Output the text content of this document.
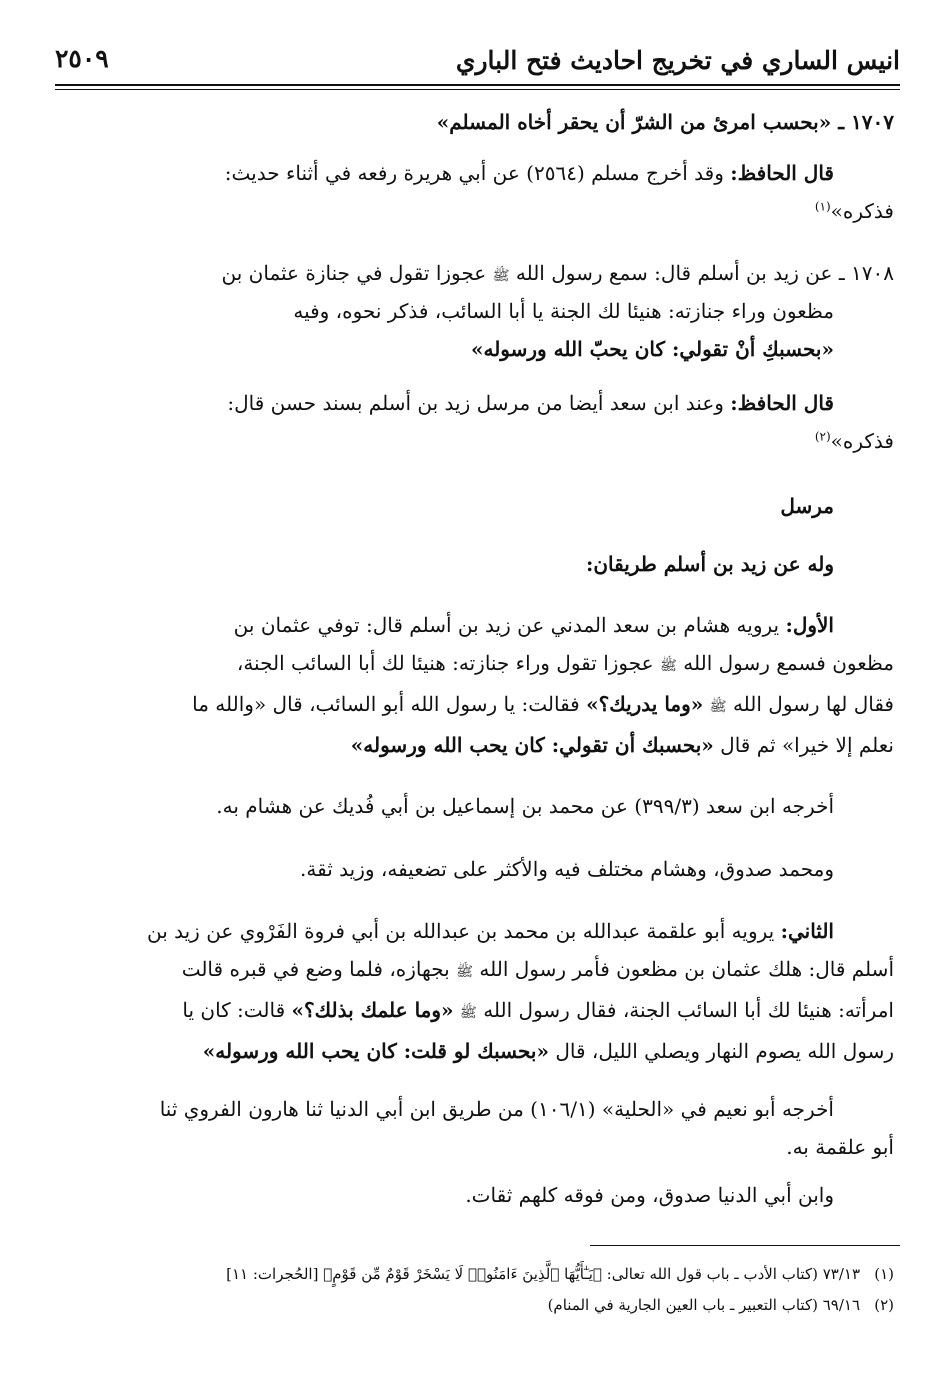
انيس الساري في تخريج احاديث فتح الباري
٢٥٠٩
١٧٠٧ ـ «بحسب امرئ من الشرّ أن يحقر أخاه المسلم»
قال الحافظ: وقد أخرج مسلم (٢٥٦٤) عن أبي هريرة رفعه في أثناء حديث:
فذكره»$^{(١)}$
١٧٠٨ ـ عن زيد بن أسلم قال: سمع رسول الله ﷺ عجوزا تقول في جنازة عثمان بن
مظعون وراء جنازته: هنيئا لك الجنة يا أبا السائب، فذكر نحوه، وفيه
«بحسبكِ أنْ تقولي: كان يحبّ الله ورسوله»
قال الحافظ: وعند ابن سعد أيضا من مرسل زيد بن أسلم بسند حسن قال:
فذكره»$^{(٢)}$
مرسل
وله عن زيد بن أسلم طريقان:
الأول: يرويه هشام بن سعد المدني عن زيد بن أسلم قال: توفي عثمان بن
مظعون فسمع رسول الله ﷺ عجوزا تقول وراء جنازته: هنيئا لك أبا السائب الجنة،
فقال لها رسول الله ﷺ «وما يدريك؟» فقالت: يا رسول الله أبو السائب، قال «والله ما
نعلم إلا خيرا» ثم قال «بحسبك أن تقولي: كان يحب الله ورسوله»
أخرجه ابن سعد (٣٩٩/٣) عن محمد بن إسماعيل بن أبي فُديك عن هشام به.
ومحمد صدوق، وهشام مختلف فيه والأكثر على تضعيفه، وزيد ثقة.
الثاني: يرويه أبو علقمة عبدالله بن محمد بن عبدالله بن أبي فروة الفَرْوي عن زيد بن
أسلم قال: هلك عثمان بن مظعون فأمر رسول الله ﷺ بجهازه، فلما وضع في قبره قالت
امرأته: هنيئا لك أبا السائب الجنة، فقال رسول الله ﷺ «وما علمك بذلك؟» قالت: كان يا
رسول الله يصوم النهار ويصلي الليل، قال «بحسبك لو قلت: كان يحب الله ورسوله»
أخرجه أبو نعيم في «الحلية» (١٠٦/١) من طريق ابن أبي الدنيا ثنا هارون الفروي ثنا
أبو علقمة به.
وابن أبي الدنيا صدوق، ومن فوقه كلهم ثقات.
(١)٧٣/١٣ (كتاب الأدب ـ باب قول الله تعالى: ﴿يَـٰٓأَيُّهَا ٱلَّذِينَ ءَامَنُوا۟ لَا يَسْخَرْ قَوْمٌ مِّن قَوْمٍ﴾ [الحُجرات: ١١]
(٢)٦٩/١٦ (كتاب التعبير ـ باب العين الجارية في المنام)
